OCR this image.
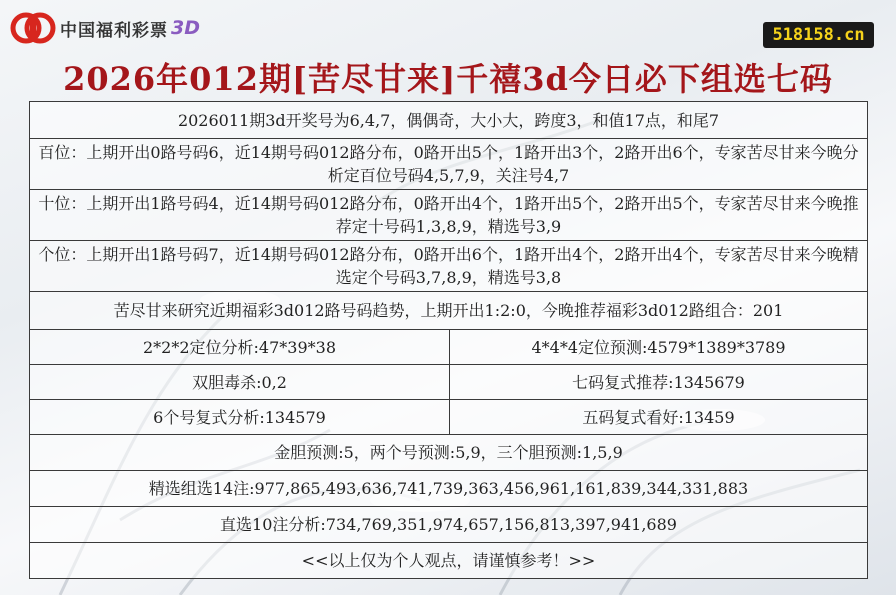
中国福利彩票 3D	518158.cn
2026年012期[苦尽甘来]千禧3d今日必下组选七码
2026011期3d开奖号为6,4,7，偶偶奇，大小大，跨度3，和值17点，和尾7	
百位：上期开出0路号码6，近14期号码012路分布，0路开出5个，1路开出3个，2路开出6个，专家苦尽甘来今晚分析定百位号码4,5,7,9，关注号4,7	
十位：上期开出1路号码4，近14期号码012路分布，0路开出4个，1路开出5个，2路开出5个，专家苦尽甘来今晚推荐定十号码1,3,8,9，精选号3,9	
个位：上期开出1路号码7，近14期号码012路分布，0路开出6个，1路开出4个，2路开出4个，专家苦尽甘来今晚精选定个号码3,7,8,9，精选号3,8	
苦尽甘来研究近期福彩3d012路号码趋势，上期开出1:2:0，今晚推荐福彩3d012路组合：201	
2*2*2定位分析:47*39*38	4*4*4定位预测:4579*1389*3789
双胆毒杀:0,2	七码复式推荐:1345679
6个号复式分析:134579	五码复式看好:13459
金胆预测:5，两个号预测:5,9，三个胆预测:1,5,9	
精选组选14注:977,865,493,636,741,739,363,456,961,161,839,344,331,883	
直选10注分析:734,769,351,974,657,156,813,397,941,689	
<<以上仅为个人观点，请谨慎参考！>>	
